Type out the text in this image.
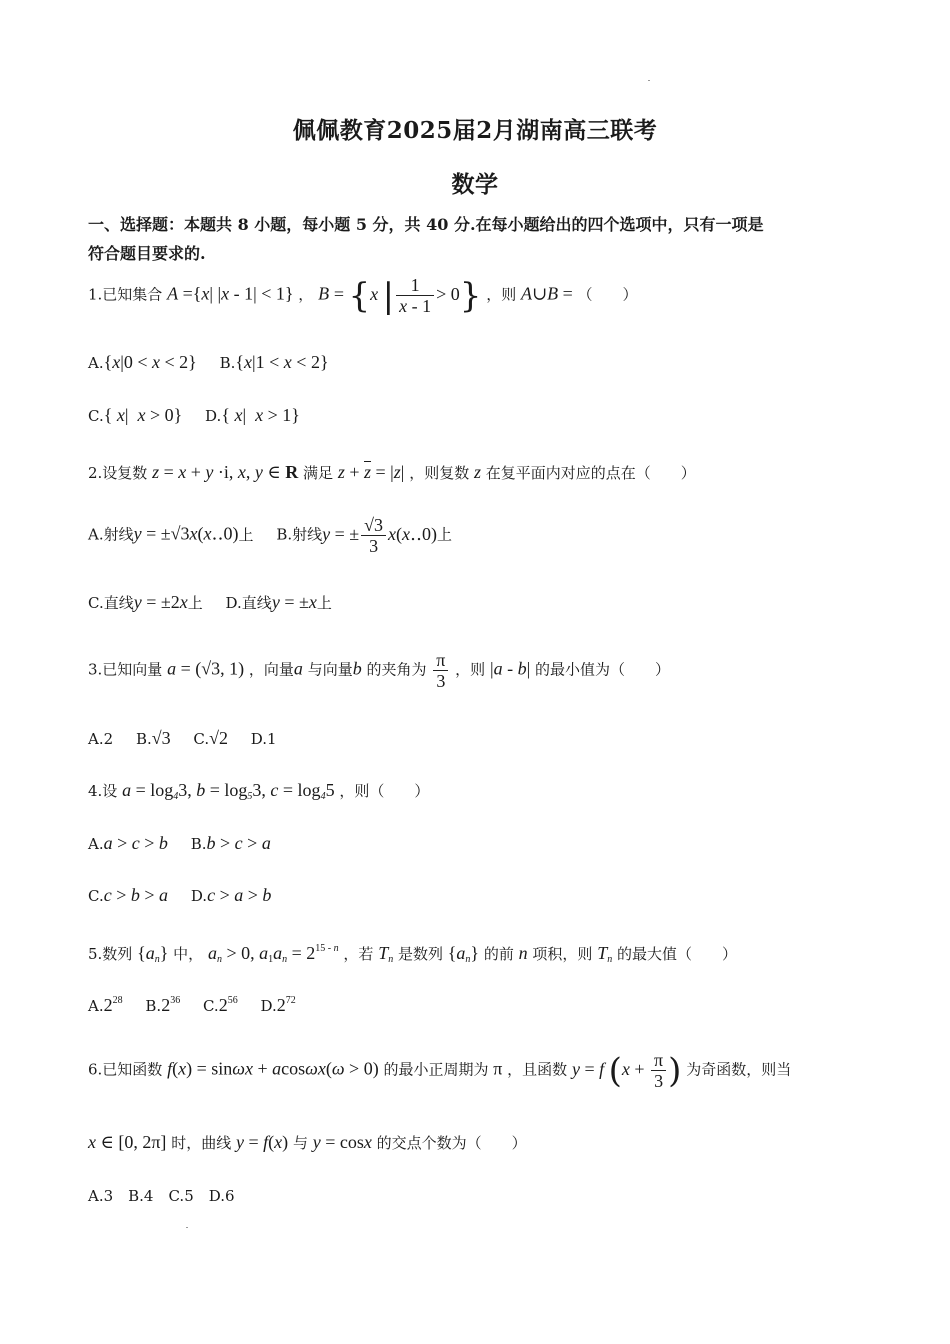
佩佩教育2025届2月湖南高三联考
数学
一、选择题：本题共 8 小题，每小题 5 分，共 40 分.在每小题给出的四个选项中，只有一项是
符合题目要求的.
1.已知集合 A ={x| |x - 1| < 1} ， B = {x | $\frac{1}{x - 1} > 0$} ，则 A∪B = （　　）
A.{x|0 < x < 2} B.{x|1 < x < 2}
C.{ x|  x > 0} D.{ x|  x > 1}
2.设复数 z = x + y ·i, x, y ∈ R 满足 $z + \overline{z} = |z|$ ，则复数 z 在复平面内对应的点在（　　）
A.射线y = ±√3x(x‥0)上 B.射线y = ± $\frac{√3}{3}$ x(x‥0)上
C.直线y = ±2x上 D.直线y = ±x上
3.已知向量 a = (√3, 1) ，向量a 与向量b 的夹角为 $\frac{\pi}{3}$ ，则 |a - b| 的最小值为（　　）
A.2 B.√3 C.√2 D.1
4.设 $a = \log_43$, $b = \log_53$, $c = \log_45$ ，则（　　）
A.a > c > b B.b > c > a
C.c > b > a D.c > a > b
5.数列 $\{a_n\}$ 中， $a_n > 0$, $a_1a_n = 2^{15 - n}$ ，若 $T_n$ 是数列 $\{a_n\}$ 的前 n 项积，则 $T_n$ 的最大值（　　）
$A.2^{28}$ $B.2^{36}$ $C.2^{56}$ $D.2^{72}$
6.已知函数 f(x) = sinωx + acosωx(ω > 0) 的最小正周期为 π ，且函数 y = f ($x + \frac{\pi}{3}$ ) 为奇函数，则当
x ∈ [0, 2π] 时，曲线 y = f(x) 与 y = cosx 的交点个数为（　　）
A.3　B.4　C.5　D.6
